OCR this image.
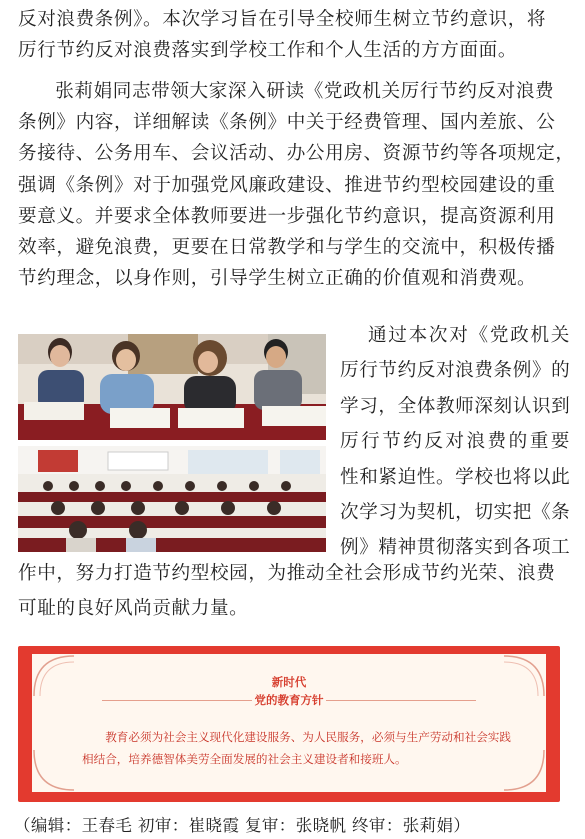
反对浪费条例》。本次学习旨在引导全校师生树立节约意识，将
厉行节约反对浪费落实到学校工作和个人生活的方方面面。
张莉娟同志带领大家深入研读《党政机关厉行节约反对浪费
条例》内容，详细解读《条例》中关于经费管理、国内差旅、公
务接待、公务用车、会议活动、办公用房、资源节约等各项规定，
强调《条例》对于加强党风廉政建设、推进节约型校园建设的重
要意义。并要求全体教师要进一步强化节约意识，提高资源利用
效率，避免浪费，更要在日常教学和与学生的交流中，积极传播
节约理念，以身作则，引导学生树立正确的价值观和消费观。
通过本次对《党政机关
厉行节约反对浪费条例》的
学习，全体教师深刻认识到
厉行节约反对浪费的重要
性和紧迫性。学校也将以此
次学习为契机，切实把《条
例》精神贯彻落实到各项工
作中，努力打造节约型校园，为推动全社会形成节约光荣、浪费
可耻的良好风尚贡献力量。
新时代
党的教育方针
教育必须为社会主义现代化建设服务、为人民服务，必须与生产劳动和社会实践相结合，培养德智体美劳全面发展的社会主义建设者和接班人。
（编辑：王春毛 初审：崔晓霞 复审：张晓帆 终审：张莉娟）
